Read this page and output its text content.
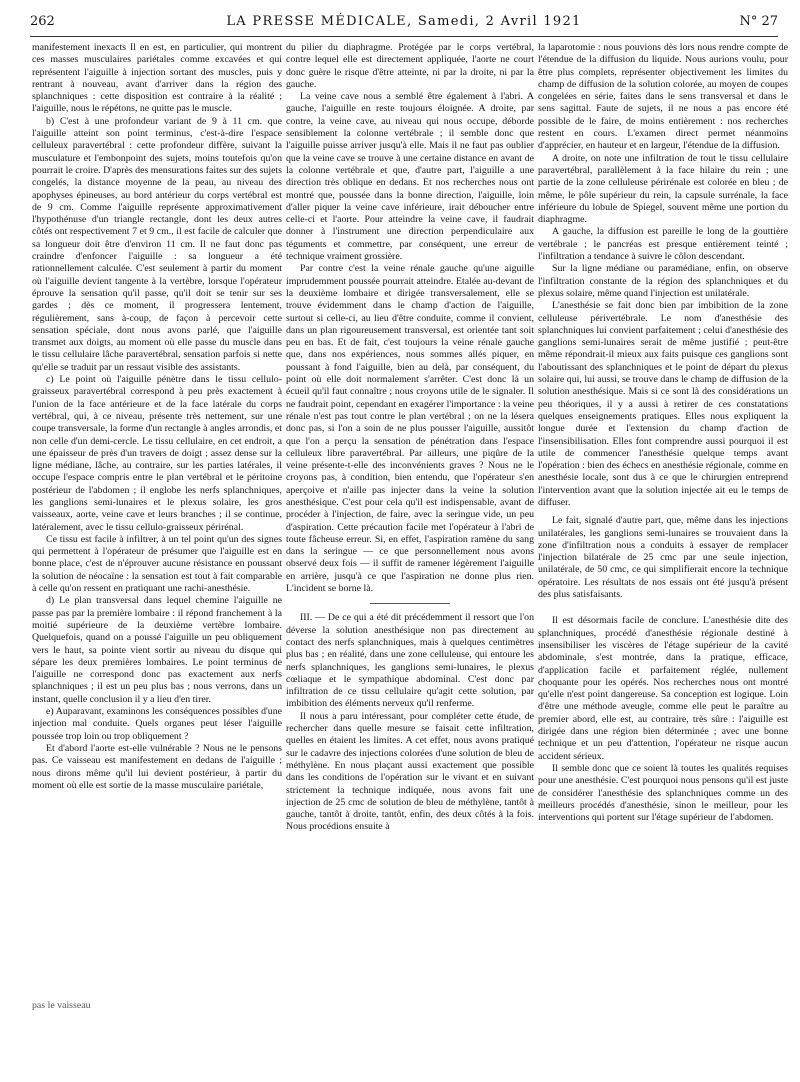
262	LA PRESSE MÉDICALE, Samedi, 2 Avril 1921	N° 27

manifestement inexacts Il en est, en particulier, qui montrent ces masses musculaires pariétales comme excavées et qui représentent l'aiguille à injection sortant des muscles, puis y rentrant à nouveau, avant d'arriver dans la région des splanchniques : cette disposition est contraire à la réalité ; l'aiguille, nous le répétons, ne quitte pas le muscle.

b) C'est à une profondeur variant de 9 à 11 cm. que l'aiguille atteint son point terminus, c'est-à-dire l'espace celluleux paravertébral : cette profondeur diffère, suivant la musculature et l'embonpoint des sujets, moins toutefois qu'on pourrait le croire. D'après des mensurations faites sur des sujets congelés, la distance moyenne de la peau, au niveau des apophyses épineuses, au bord antérieur du corps vertébral est de 9 cm. Comme l'aiguille représente approximativement l'hypothénuse d'un triangle rectangle, dont les deux autres côtés ont respectivement 7 et 9 cm., il est facile de calculer que sa longueur doit être d'environ 11 cm. Il ne faut donc pas craindre d'enfoncer l'aiguille : sa longueur a été rationnellement calculée. C'est seulement à partir du moment où l'aiguille devient tangente à la vertèbre, lorsque l'opérateur éprouve la sensation qu'il passe, qu'il doit se tenir sur ses gardes ; dès ce moment, il progressera lentement, régulièrement, sans à-coup, de façon à percevoir cette sensation spéciale, dont nous avons parlé, que l'aiguille transmet aux doigts, au moment où elle passe du muscle dans le tissu cellulaire lâche paravertébral, sensation parfois si nette qu'elle se traduit par un ressaut visible des assistants.

c) Le point où l'aiguille pénètre dans le tissu cellulo-graisseux paravertébral correspond à peu près exactement à l'union de la face antérieure et de la face latérale du corps vertébral, qui, à ce niveau, présente très nettement, sur une coupe transversale, la forme d'un rectangle à angles arrondis, et non celle d'un demi-cercle. Le tissu cellulaire, en cet endroit, a une épaisseur de près d'un travers de doigt ; assez dense sur la ligne médiane, lâche, au contraire, sur les parties latérales, il occupe l'espace compris entre le plan vertébral et le péritoine postérieur de l'abdomen ; il englobe les nerfs splanchniques, les ganglions semi-lunaires et le plexus solaire, les gros vaisseaux, aorte, veine cave et leurs branches ; il se continue, latéralement, avec le tissu cellulo-graisseux périrénal.

Ce tissu est facile à infiltrer, à un tel point qu'un des signes qui permettent à l'opérateur de présumer que l'aiguille est en bonne place, c'est de n'éprouver aucune résistance en poussant la solution de néocaïne : la sensation est tout à fait comparable à celle qu'on ressent en pratiquant une rachi-anesthésie.

d) Le plan transversal dans lequel chemine l'aiguille ne passe pas par la première lombaire : il répond franchement à la moitié supérieure de la deuxième vertèbre lombaire. Quelquefois, quand on a poussé l'aiguille un peu obliquement vers le haut, sa pointe vient sortir au niveau du disque qui sépare les deux premières lombaires. Le point terminus de l'aiguille ne correspond donc pas exactement aux nerfs splanchniques ; il est un peu plus bas ; nous verrons, dans un instant, quelle conclusion il y a lieu d'en tirer.

e) Auparavant, examinons les conséquences possibles d'une injection mal conduite. Quels organes peut léser l'aiguille poussée trop loin ou trop obliquement ?

Et d'abord l'aorte est-elle vulnérable ? Nous ne le pensons pas. Ce vaisseau est manifestement en dedans de l'aiguille ; nous dirons même qu'il lui devient postérieur, à partir du moment où elle est sortie de la masse musculaire pariétale,

pas le vaisseau

du pilier du diaphragme. Protégée par le corps vertébral, contre lequel elle est directement appliquée, l'aorte ne court donc guère le risque d'être atteinte, ni par la droite, ni par la gauche.

La veine cave nous a semblé être également à l'abri. A gauche, l'aiguille en reste toujours éloignée. A droite, par contre, la veine cave, au niveau qui nous occupe, déborde sensiblement la colonne vertébrale ; il semble donc que l'aiguille puisse arriver jusqu'à elle. Mais il ne faut pas oublier que la veine cave se trouve à une certaine distance en avant de la colonne vertébrale et que, d'autre part, l'aiguille a une direction très oblique en dedans. Et nos recherches nous ont montré que, poussée dans la bonne direction, l'aiguille, loin d'aller piquer la veine cave inférieure, irait déboucher entre celle-ci et l'aorte. Pour atteindre la veine cave, il faudrait donner à l'instrument une direction perpendiculaire aux téguments et commettre, par conséquent, une erreur de technique vraiment grossière.

Par contre c'est la veine rénale gauche qu'une aiguille imprudemment poussée pourrait atteindre. Etalée au-devant de la deuxième lombaire et dirigée transversalement, elle se trouve évidemment dans le champ d'action de l'aiguille, surtout si celle-ci, au lieu d'être conduite, comme il convient, dans un plan rigoureusement transversal, est orientée tant soit peu en bas. Et de fait, c'est toujours la veine rénale gauche que, dans nos expériences, nous sommes allés piquer, en poussant à fond l'aiguille, bien au delà, par conséquent, du point où elle doit normalement s'arrêter. C'est donc là un écueil qu'il faut connaître ; nous croyons utile de le signaler. Il ne faudrait point, cependant en exagérer l'importance : la veine rénale n'est pas tout contre le plan vertébral ; on ne la lésera donc pas, si l'on a soin de ne plus pousser l'aiguille, aussitôt que l'on a perçu la sensation de pénétration dans l'espace celluleux libre paravertébral. Par ailleurs, une piqûre de la veine présente-t-elle des inconvénients graves ? Nous ne le croyons pas, à condition, bien entendu, que l'opérateur s'en aperçoive et n'aille pas injecter dans la veine la solution anesthésique. C'est pour cela qu'il est indispensable, avant de procéder à l'injection, de faire, avec la seringue vide, un peu d'aspiration. Cette précaution facile met l'opérateur à l'abri de toute fâcheuse erreur. Si, en effet, l'aspiration ramène du sang dans la seringue — ce que personnellement nous avons observé deux fois — il suffit de ramener légèrement l'aiguille en arrière, jusqu'à ce que l'aspiration ne donne plus rien. L'incident se borne là.

III. — De ce qui a été dit précédemment il ressort que l'on déverse la solution anesthésique non pas directement au contact des nerfs splanchniques, mais à quelques centimètres plus bas ; en réalité, dans une zone celluleuse, qui entoure les nerfs splanchniques, les ganglions semi-lunaires, le plexus cœliaque et le sympathique abdominal. C'est donc par infiltration de ce tissu cellulaire qu'agit cette solution, par imbibition des éléments nerveux qu'il renferme.

Il nous a paru intéressant, pour compléter cette étude, de rechercher dans quelle mesure se faisait cette infiltration, quelles en étaient les limites. A cet effet, nous avons pratiqué sur le cadavre des injections colorées d'une solution de bleu de méthylène. En nous plaçant aussi exactement que possible dans les conditions de l'opération sur le vivant et en suivant strictement la technique indiquée, nous avons fait une injection de 25 cmc de solution de bleu de méthylène, tantôt à gauche, tantôt à droite, tantôt, enfin, des deux côtés à la fois. Nous procédions ensuite à

la laparotomie : nous pouvions dès lors nous rendre compte de l'étendue de la diffusion du liquide. Nous aurions voulu, pour être plus complets, représenter objectivement les limites du champ de diffusion de la solution colorée, au moyen de coupes congelées en série, faites dans le sens transversal et dans le sens sagittal. Faute de sujets, il ne nous a pas encore été possible de le faire, de moins entièrement : nos recherches restent en cours. L'examen direct permet néanmoins d'apprécier, en hauteur et en largeur, l'étendue de la diffusion.

A droite, on note une infiltration de tout le tissu cellulaire paravertébral, parallèlement à la face hilaire du rein ; une partie de la zone celluleuse périrénale est colorée en bleu ; de même, le pôle supérieur du rein, la capsule surrénale, la face inférieure du lobule de Spiegel, souvent même une portion du diaphragme.

A gauche, la diffusion est pareille le long de la gouttière vertébrale ; le pancréas est presque entièrement teinté ; l'infiltration a tendance à suivre le côlon descendant.

Sur la ligne médiane ou paramédiane, enfin, on observe l'infiltration constante de la région des splanchniques et du plexus solaire, même quand l'injection est unilatérale.

L'anesthésie se fait donc bien par imbibition de la zone celluleuse périvertébrale. Le nom d'anesthésie des splanchniques lui convient parfaitement ; celui d'anesthésie des ganglions semi-lunaires serait de même justifié ; peut-être même répondrait-il mieux aux faits puisque ces ganglions sont l'aboutissant des splanchniques et le point de départ du plexus solaire qui, lui aussi, se trouve dans le champ de diffusion de la solution anesthésique. Mais si ce sont là des considérations un peu théoriques, il y a aussi à retirer de ces constatations quelques enseignements pratiques. Elles nous expliquent la longue durée et l'extension du champ d'action de l'insensibilisation. Elles font comprendre aussi pourquoi il est utile de commencer l'anesthésie quelque temps avant l'opération : bien des échecs en anesthésie régionale, comme en anesthésie locale, sont dus à ce que le chirurgien entreprend l'intervention avant que la solution injectée ait eu le temps de diffuser.

Le fait, signalé d'autre part, que, même dans les injections unilatérales, les ganglions semi-lunaires se trouvaient dans la zone d'infiltration nous a conduits à essayer de remplacer l'injection bilatérale de 25 cmc par une seule injection, unilatérale, de 50 cmc, ce qui simplifierait encore la technique opératoire. Les résultats de nos essais ont été jusqu'à présent des plus satisfaisants.

Il est désormais facile de conclure. L'anesthésie dite des splanchniques, procédé d'anesthésie régionale destiné à insensibiliser les viscères de l'étage supérieur de la cavité abdominale, s'est montrée, dans la pratique, efficace, d'application facile et parfaitement réglée, nullement choquante pour les opérés. Nos recherches nous ont montré qu'elle n'est point dangereuse. Sa conception est logique. Loin d'être une méthode aveugle, comme elle peut le paraître au premier abord, elle est, au contraire, très sûre : l'aiguille est dirigée dans une région bien déterminée ; avec une bonne technique et un peu d'attention, l'opérateur ne risque aucun accident sérieux.

Il semble donc que ce soient là toutes les qualités requises pour une anesthésie. C'est pourquoi nous pensons qu'il est juste de considérer l'anesthésie des splanchniques comme un des meilleurs procédés d'anesthésie, sinon le meilleur, pour les interventions qui portent sur l'étage supérieur de l'abdomen.
